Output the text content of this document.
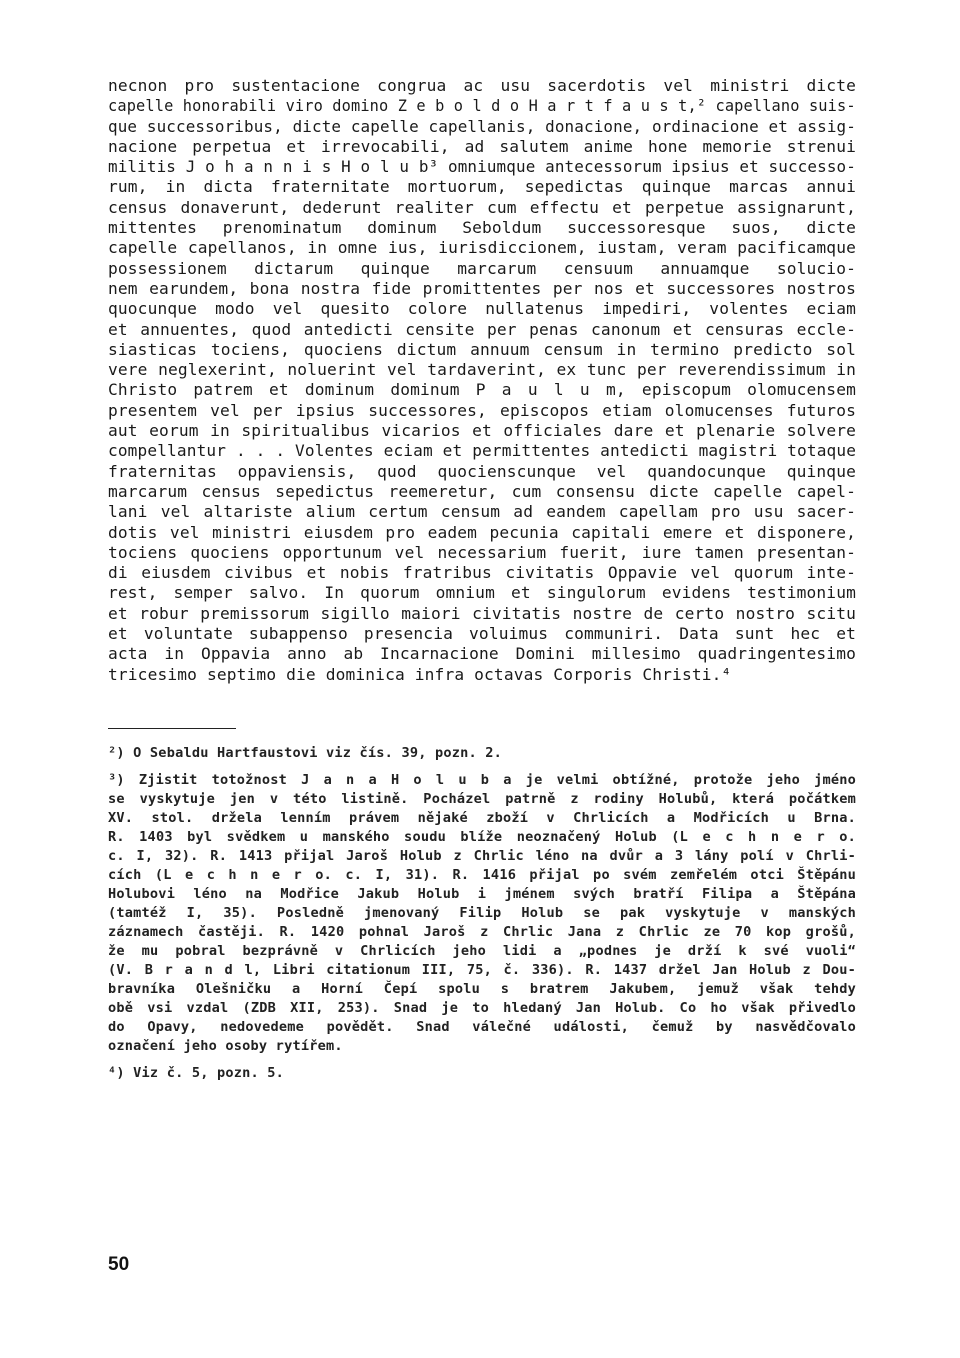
necnon pro sustentacione congrua ac usu sacerdotis vel ministri dicte
capelle honorabili viro domino Z e b o l d o H a r t f a u s t,² capellano suis-
que successoribus, dicte capelle capellanis, donacione, ordinacione et assig-
nacione perpetua et irrevocabili, ad salutem anime hone memorie strenui
militis J o h a n n i s H o l u b³ omniumque antecessorum ipsius et successo-
rum, in dicta fraternitate mortuorum, sepedictas quinque marcas annui
census donaverunt, dederunt realiter cum effectu et perpetue assignarunt,
mittentes prenominatum dominum Seboldum successoresque suos, dicte
capelle capellanos, in omne ius, iurisdiccionem, iustam, veram pacificamque
possessionem dictarum quinque marcarum censuum annuamque solucio-
nem earundem, bona nostra fide promittentes per nos et successores nostros
quocunque modo vel quesito colore nullatenus impediri, volentes eciam
et annuentes, quod antedicti censite per penas canonum et censuras eccle-
siasticas tociens, quociens dictum annuum censum in termino predicto sol
vere neglexerint, noluerint vel tardaverint, ex tunc per reverendissimum in
Christo patrem et dominum dominum P a u l u m, episcopum olomucensem
presentem vel per ipsius successores, episcopos etiam olomucenses futuros
aut eorum in spiritualibus vicarios et officiales dare et plenarie solvere
compellantur . . . Volentes eciam et permittentes antedicti magistri totaque
fraternitas oppaviensis, quod quocienscunque vel quandocunque quinque
marcarum census sepedictus reemeretur, cum consensu dicte capelle capel-
lani vel altariste alium certum censum ad eandem capellam pro usu sacer-
dotis vel ministri eiusdem pro eadem pecunia capitali emere et disponere,
tociens quociens opportunum vel necessarium fuerit, iure tamen presentan-
di eiusdem civibus et nobis fratribus civitatis Oppavie vel quorum inte-
rest, semper salvo. In quorum omnium et singulorum evidens testimonium
et robur premissorum sigillo maiori civitatis nostre de certo nostro scitu
et voluntate subappenso presencia voluimus communiri. Data sunt hec et
acta in Oppavia anno ab Incarnacione Domini millesimo quadringentesimo
tricesimo septimo die dominica infra octavas Corporis Christi.⁴
²) O Sebaldu Hartfaustovi viz čís. 39, pozn. 2.
³) Zjistit totožnost J a n a H o l u b a je velmi obtížné, protože jeho jméno
se vyskytuje jen v této listině. Pocházel patrně z rodiny Holubů, která počátkem
XV. stol. držela lenním právem nějaké zboží v Chrlicích a Modřicích u Brna.
R. 1403 byl svědkem u manského soudu blíže neoznačený Holub (L e c h n e r o.
c. I, 32). R. 1413 přijal Jaroš Holub z Chrlic léno na dvůr a 3 lány polí v Chrli-
cích (L e c h n e r o. c. I, 31). R. 1416 přijal po svém zemřelém otci Štěpánu
Holubovi léno na Modřice Jakub Holub i jménem svých bratří Filipa a Štěpána
(tamtéž I, 35). Posledně jmenovaný Filip Holub se pak vyskytuje v manských
záznamech častěji. R. 1420 pohnal Jaroš z Chrlic Jana z Chrlic ze 70 kop grošů,
že mu pobral bezprávně v Chrlicích jeho lidi a „podnes je drží k své vuoli“
(V. B r a n d l, Libri citationum III, 75, č. 336). R. 1437 držel Jan Holub z Dou-
bravníka Olešničku a Horní Čepí spolu s bratrem Jakubem, jemuž však tehdy
obě vsi vzdal (ZDB XII, 253). Snad je to hledaný Jan Holub. Co ho však přivedlo
do Opavy, nedovedeme povědět. Snad válečné události, čemuž by nasvědčovalo
označení jeho osoby rytířem.
⁴) Viz č. 5, pozn. 5.
50
